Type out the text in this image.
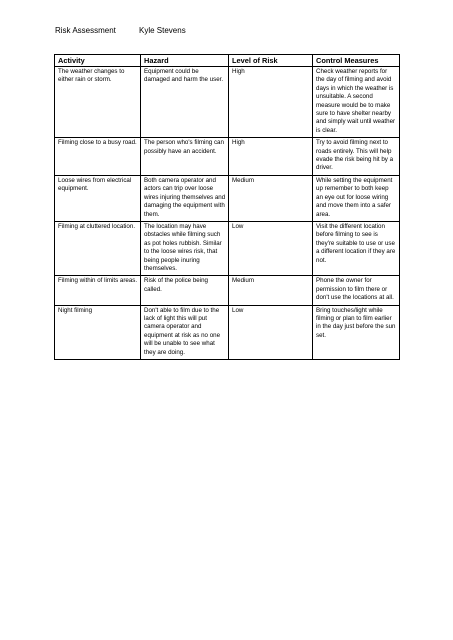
Risk Assessment	Kyle Stevens
Activity	Hazard	Level of Risk	Control Measures
The weather changes to either rain or storm.	Equipment could be damaged and harm the user.	High	Check weather reports for the day of filming and avoid days in which the weather is unsuitable. A second measure would be to make sure to have shelter nearby and simply wait until weather is clear.
Filming close to a busy road.	The person who's filming can possibly have an accident.	High	Try to avoid filming next to roads entirely. This will help evade the risk being hit by a driver.
Loose wires from electrical equipment.	Both camera operator and actors can trip over loose wires injuring themselves and damaging the equipment with them.	Medium	While setting the equipment up remember to both keep an eye out for loose wiring and move them into a safer area.
Filming at cluttered location.	The location may have obstacles while filming such as pot holes rubbish. Similar to the loose wires risk, that being people inuring themselves.	Low	Visit the different location before filming to see is they're suitable to use or use a different location if they are not.
Filming within of limits areas.	Risk of the police being called.	Medium	Phone the owner for permission to film there or don't use the locations at all.
Night filming	Don't able to film due to the lack of light this will put camera operator and equipment at risk as no one will be unable to see what they are doing.	Low	Bring touches/light while filming or plan to film earlier in the day just before the sun set.
